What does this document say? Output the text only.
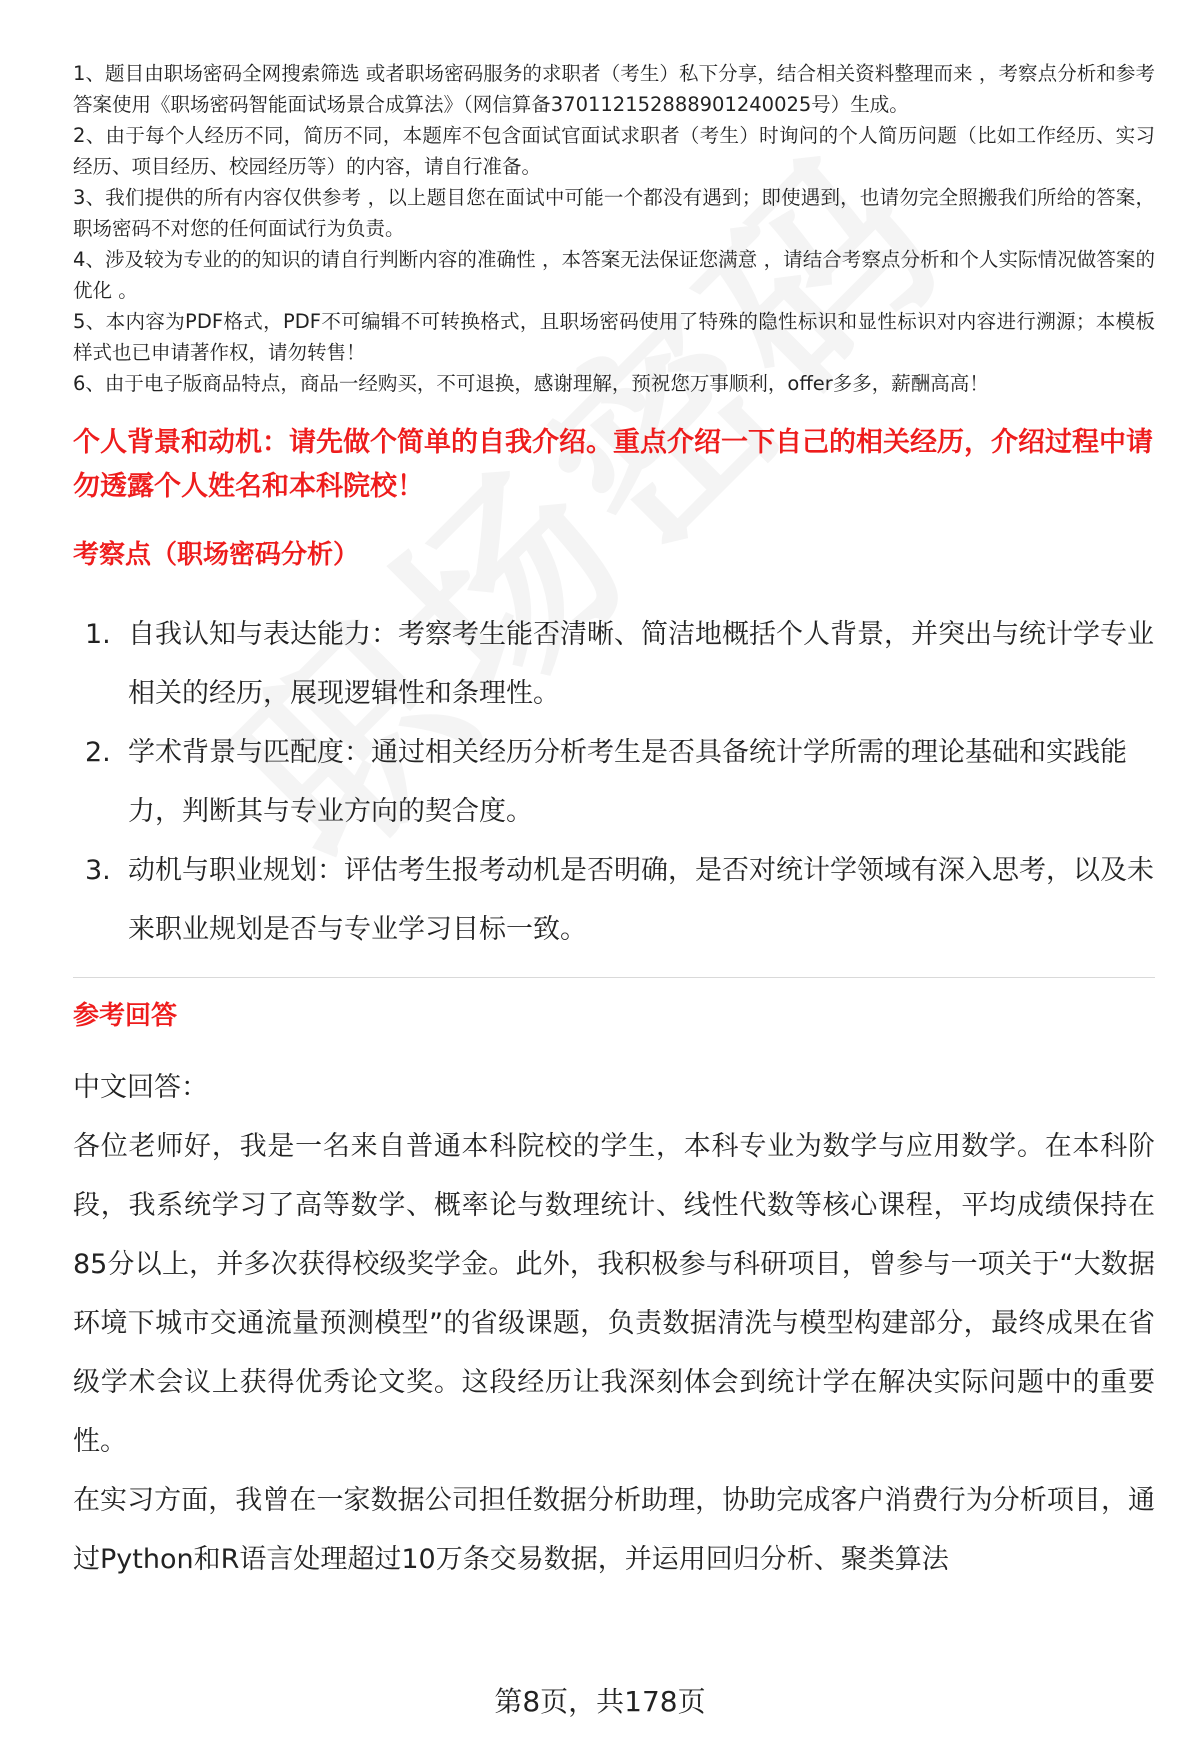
1、题目由职场密码全网搜索筛选 或者职场密码服务的求职者（考生）私下分享，结合相关资料整理而来 ，考察点分析和参考答案使用《职场密码智能面试场景合成算法》（网信算备370112152888901240025号）生成。

2、由于每个人经历不同，简历不同，本题库不包含面试官面试求职者（考生）时询问的个人简历问题（比如工作经历、实习经历、项目经历、校园经历等）的内容，请自行准备。

3、我们提供的所有内容仅供参考 ，以上题目您在面试中可能一个都没有遇到；即使遇到，也请勿完全照搬我们所给的答案，职场密码不对您的任何面试行为负责。

4、涉及较为专业的的知识的请自行判断内容的准确性 ，本答案无法保证您满意 ，请结合考察点分析和个人实际情况做答案的优化 。

5、本内容为PDF格式，PDF不可编辑不可转换格式，且职场密码使用了特殊的隐性标识和显性标识对内容进行溯源；本模板样式也已申请著作权，请勿转售！

6、由于电子版商品特点，商品一经购买，不可退换，感谢理解，预祝您万事顺利，offer多多，薪酬高高！

个人背景和动机：请先做个简单的自我介绍。重点介绍一下自己的相关经历，介绍过程中请勿透露个人姓名和本科院校！
考察点（职场密码分析）
1. 自我认知与表达能力：考察考生能否清晰、简洁地概括个人背景，并突出与统计学专业相关的经历，展现逻辑性和条理性。
2. 学术背景与匹配度：通过相关经历分析考生是否具备统计学所需的理论基础和实践能力，判断其与专业方向的契合度。
3. 动机与职业规划：评估考生报考动机是否明确，是否对统计学领域有深入思考，以及未来职业规划是否与专业学习目标一致。
参考回答

中文回答：

各位老师好，我是一名来自普通本科院校的学生，本科专业为数学与应用数学。在本科阶段，我系统学习了高等数学、概率论与数理统计、线性代数等核心课程，平均成绩保持在85分以上，并多次获得校级奖学金。此外，我积极参与科研项目，曾参与一项关于“大数据环境下城市交通流量预测模型”的省级课题，负责数据清洗与模型构建部分，最终成果在省级学术会议上获得优秀论文奖。这段经历让我深刻体会到统计学在解决实际问题中的重要性。

在实习方面，我曾在一家数据公司担任数据分析助理，协助完成客户消费行为分析项目，通过Python和R语言处理超过10万条交易数据，并运用回归分析、聚类算法

第8页，共178页
